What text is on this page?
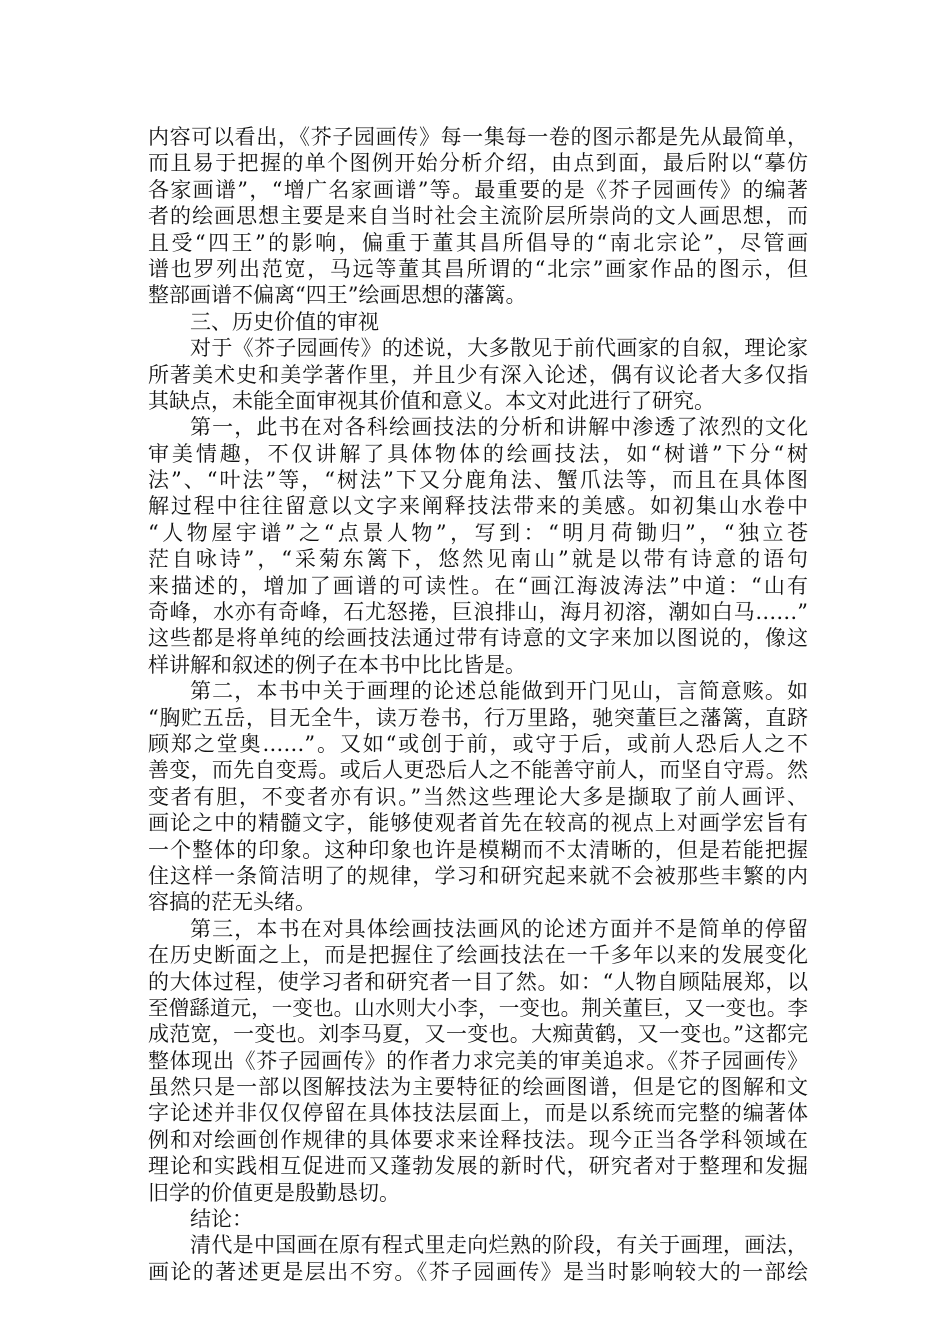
内容可以看出，《芥子园画传》每一集每一卷的图示都是先从最简单，
而且易于把握的单个图例开始分析介绍，由点到面，最后附以“摹仿
各家画谱”，“增广名家画谱”等。最重要的是《芥子园画传》的编著
者的绘画思想主要是来自当时社会主流阶层所崇尚的文人画思想，而
且受“四王”的影响，偏重于董其昌所倡导的“南北宗论”，尽管画
谱也罗列出范宽，马远等董其昌所谓的“北宗”画家作品的图示，但
整部画谱不偏离“四王”绘画思想的藩篱。
三、历史价值的审视
对于《芥子园画传》的述说，大多散见于前代画家的自叙，理论家
所著美术史和美学著作里，并且少有深入论述，偶有议论者大多仅指
其缺点，未能全面审视其价值和意义。本文对此进行了研究。
第一，此书在对各科绘画技法的分析和讲解中渗透了浓烈的文化
审美情趣，不仅讲解了具体物体的绘画技法，如“树谱”下分“树
法”、“叶法”等，“树法”下又分鹿角法、蟹爪法等，而且在具体图
解过程中往往留意以文字来阐释技法带来的美感。如初集山水卷中
“人物屋宇谱”之“点景人物”，写到：“明月荷锄归”，“独立苍
茫自咏诗”，“采菊东篱下，悠然见南山”就是以带有诗意的语句
来描述的，增加了画谱的可读性。在“画江海波涛法”中道：“山有
奇峰，水亦有奇峰，石尤怒捲，巨浪排山，海月初溶，潮如白马……”
这些都是将单纯的绘画技法通过带有诗意的文字来加以图说的，像这
样讲解和叙述的例子在本书中比比皆是。
第二，本书中关于画理的论述总能做到开门见山，言简意赅。如
“胸贮五岳，目无全牛，读万卷书，行万里路，驰突董巨之藩篱，直跻
顾郑之堂奥……”。又如“或创于前，或守于后，或前人恐后人之不
善变，而先自变焉。或后人更恐后人之不能善守前人，而坚自守焉。然
变者有胆，不变者亦有识。”当然这些理论大多是撷取了前人画评、
画论之中的精髓文字，能够使观者首先在较高的视点上对画学宏旨有
一个整体的印象。这种印象也许是模糊而不太清晰的，但是若能把握
住这样一条简洁明了的规律，学习和研究起来就不会被那些丰繁的内
容搞的茫无头绪。
第三，本书在对具体绘画技法画风的论述方面并不是简单的停留
在历史断面之上，而是把握住了绘画技法在一千多年以来的发展变化
的大体过程，使学习者和研究者一目了然。如：“人物自顾陆展郑，以
至僧繇道元，一变也。山水则大小李，一变也。荆关董巨，又一变也。李
成范宽，一变也。刘李马夏，又一变也。大痴黄鹤，又一变也。”这都完
整体现出《芥子园画传》的作者力求完美的审美追求。《芥子园画传》
虽然只是一部以图解技法为主要特征的绘画图谱，但是它的图解和文
字论述并非仅仅停留在具体技法层面上，而是以系统而完整的编著体
例和对绘画创作规律的具体要求来诠释技法。现今正当各学科领域在
理论和实践相互促进而又蓬勃发展的新时代，研究者对于整理和发掘
旧学的价值更是殷勤恳切。
结论：
清代是中国画在原有程式里走向烂熟的阶段，有关于画理，画法，
画论的著述更是层出不穷。《芥子园画传》是当时影响较大的一部绘
